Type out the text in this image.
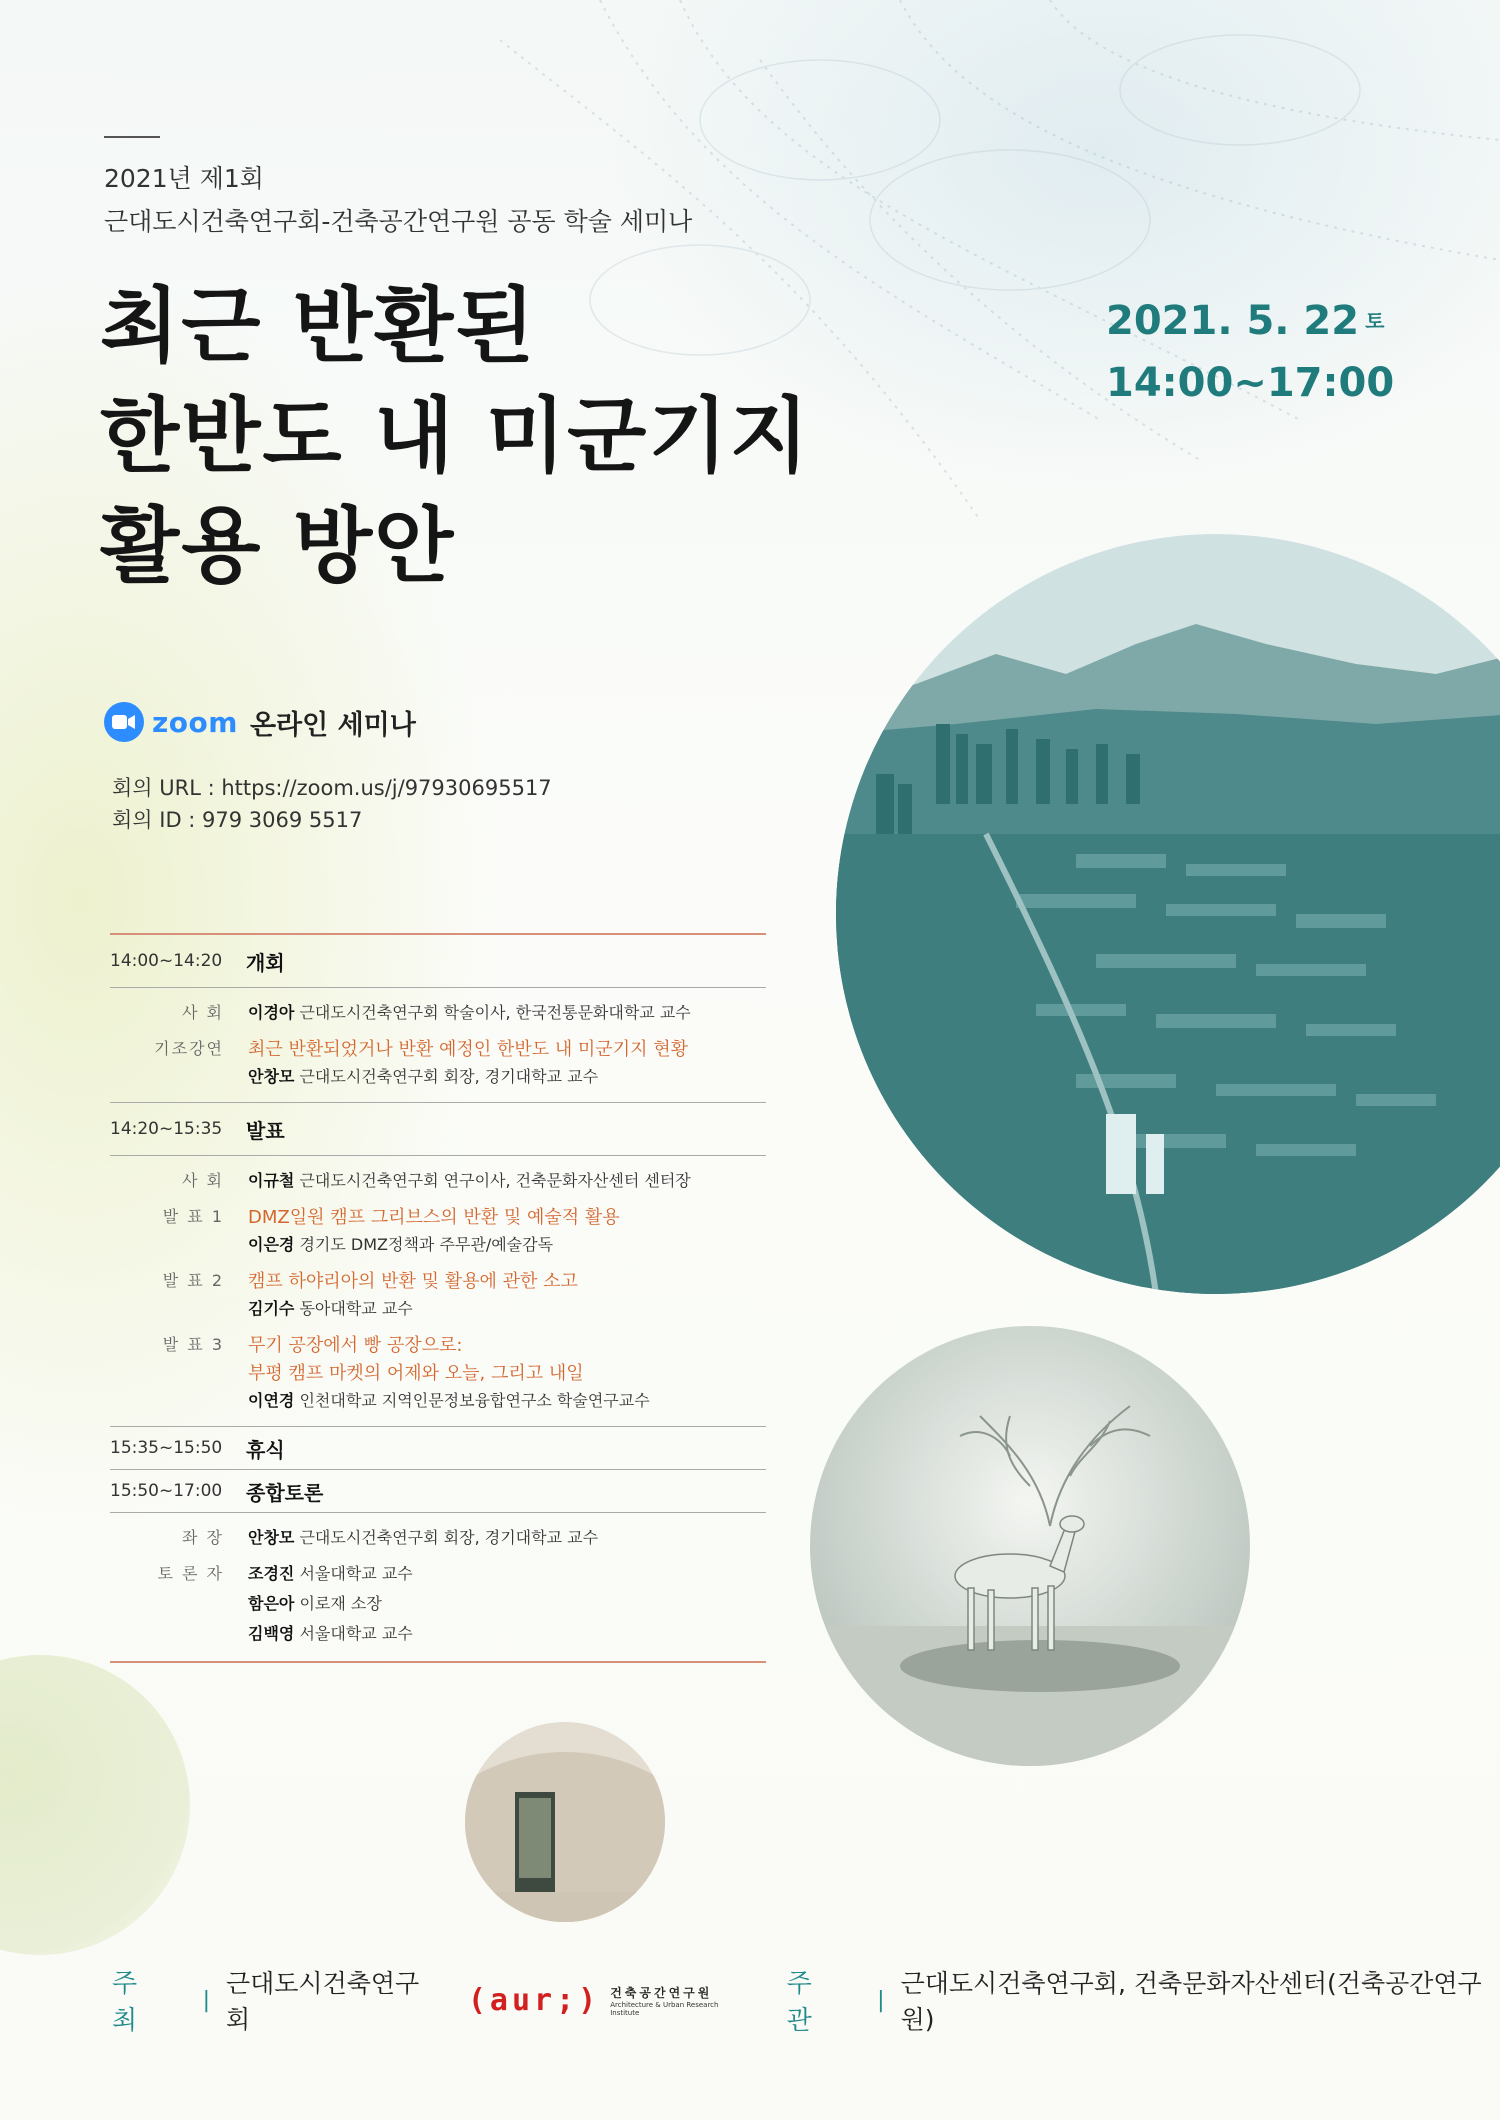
2021년 제1회
근대도시건축연구회-건축공간연구원 공동 학술 세미나
최근 반환된
한반도 내 미군기지
활용 방안
2021. 5. 22 $^토$
14:00~17:00
zoom 온라인 세미나
회의 URL : https://zoom.us/j/97930695517
회의 ID : 979 3069 5517
14:00~14:20	개회
사 회	이경아 근대도시건축연구회 학술이사, 한국전통문화대학교 교수
기조강연	최근 반환되었거나 반환 예정인 한반도 내 미군기지 현황
안창모 근대도시건축연구회 회장, 경기대학교 교수
14:20~15:35	발표
사 회	이규철 근대도시건축연구회 연구이사, 건축문화자산센터 센터장
발 표 1	DMZ일원 캠프 그리브스의 반환 및 예술적 활용
이은경 경기도 DMZ정책과 주무관/예술감독
발 표 2	캠프 하야리아의 반환 및 활용에 관한 소고
김기수 동아대학교 교수
발 표 3	무기 공장에서 빵 공장으로:
부평 캠프 마켓의 어제와 오늘, 그리고 내일
이연경 인천대학교 지역인문정보융합연구소 학술연구교수
15:35~15:50	휴식
15:50~17:00	종합토론
좌 장	안창모 근대도시건축연구회 회장, 경기대학교 교수
토 론 자	조경진 서울대학교 교수
함은아 이로재 소장
김백영 서울대학교 교수
주 최
|
근대도시건축연구회
(aur;) 건축공간연구원
Architecture & Urban Research Institute
주 관
|
근대도시건축연구회, 건축문화자산센터(건축공간연구원)
